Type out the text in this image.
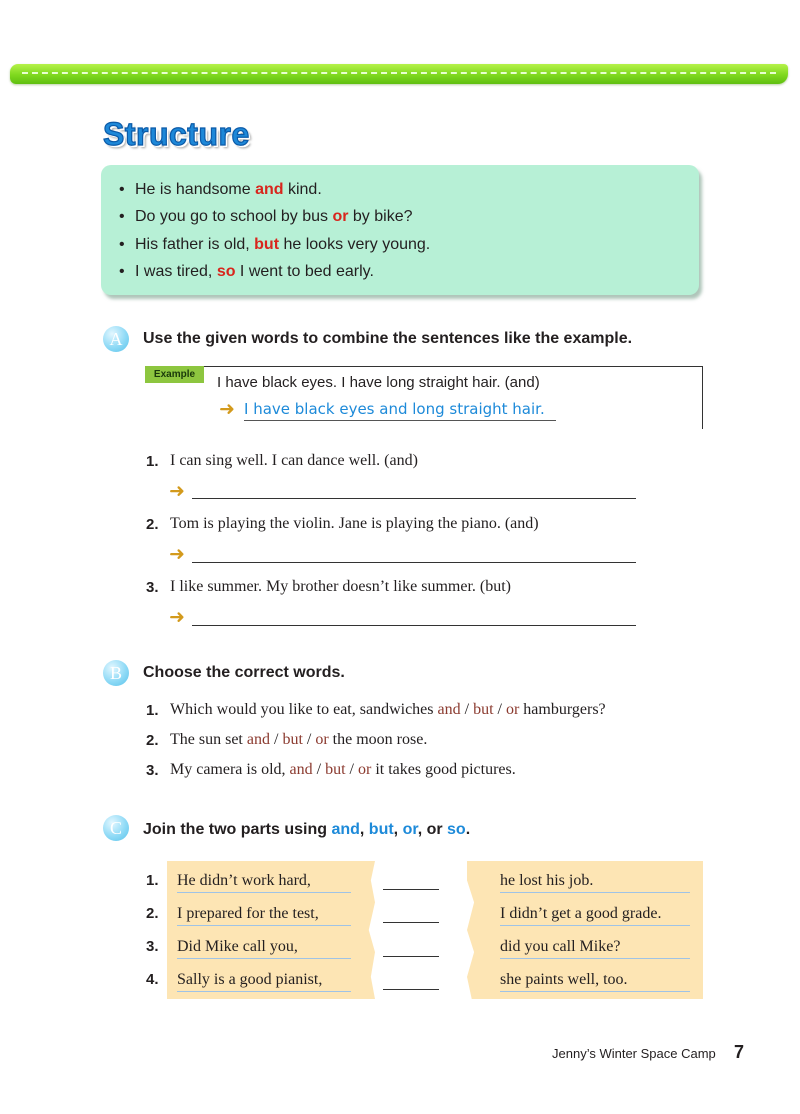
Structure
• He is handsome and kind.
• Do you go to school by bus or by bike?
• His father is old, but he looks very young.
• I was tired, so I went to bed early.
A	Use the given words to combine the sentences like the example.
Example	I have black eyes. I have long straight hair. (and)
➜ I have black eyes and long straight hair.
1. I can sing well. I can dance well. (and)
➜
2. Tom is playing the violin. Jane is playing the piano. (and)
➜
3. I like summer. My brother doesn’t like summer. (but)
➜
B	Choose the correct words.
1. Which would you like to eat, sandwiches and / but / or hamburgers?
2. The sun set and / but / or the moon rose.
3. My camera is old, and / but / or it takes good pictures.
C	Join the two parts using and, but, or, or so.
1. He didn’t work hard,	he lost his job.
2. I prepared for the test,	I didn’t get a good grade.
3. Did Mike call you,	did you call Mike?
4. Sally is a good pianist,	she paints well, too.
Jenny’s Winter Space Camp 7
